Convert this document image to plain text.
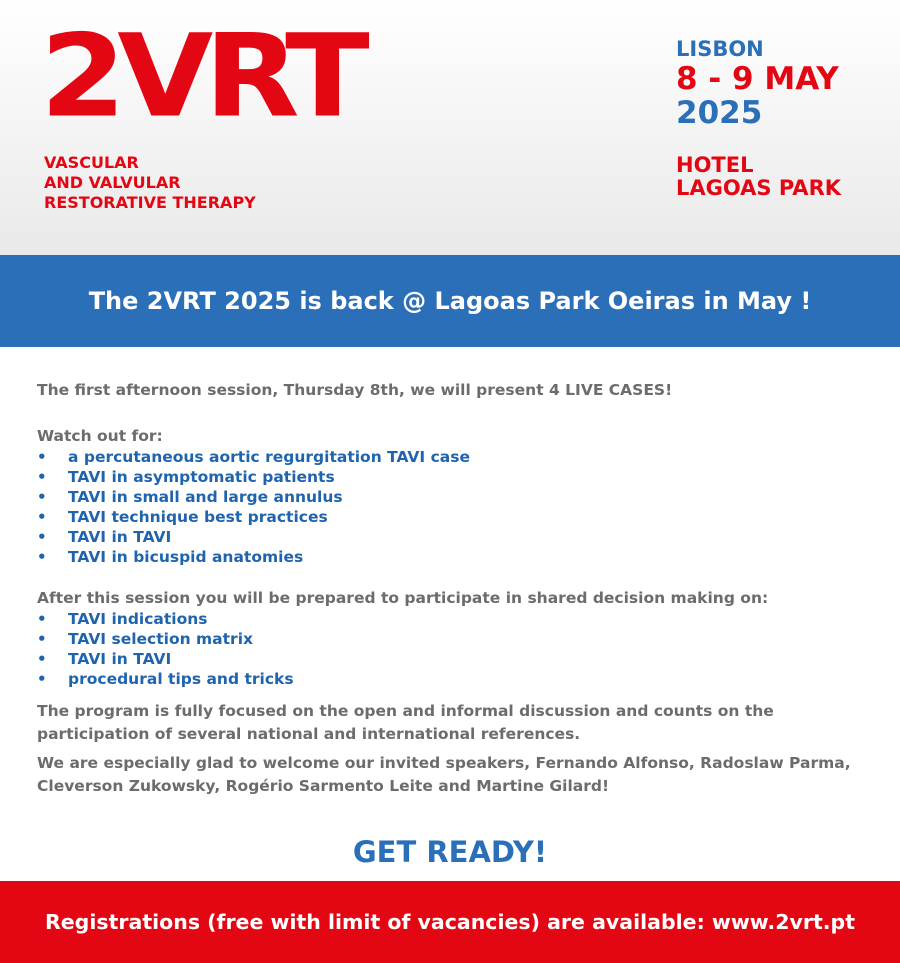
2VRT
VASCULAR
AND VALVULAR
RESTORATIVE THERAPY
LISBON
8 - 9 MAY
2025
HOTEL
LAGOAS PARK
The 2VRT 2025 is back @ Lagoas Park Oeiras in May !
The first afternoon session, Thursday 8th, we will present 4 LIVE CASES!
Watch out for:
• a percutaneous aortic regurgitation TAVI case
• TAVI in asymptomatic patients
• TAVI in small and large annulus
• TAVI technique best practices
• TAVI in TAVI
• TAVI in bicuspid anatomies
After this session you will be prepared to participate in shared decision making on:
• TAVI indications
• TAVI selection matrix
• TAVI in TAVI
• procedural tips and tricks
The program is fully focused on the open and informal discussion and counts on the participation of several national and international references.
We are especially glad to welcome our invited speakers, Fernando Alfonso, Radoslaw Parma, Cleverson Zukowsky, Rogério Sarmento Leite and Martine Gilard!
GET READY!
Registrations (free with limit of vacancies) are available: www.2vrt.pt
